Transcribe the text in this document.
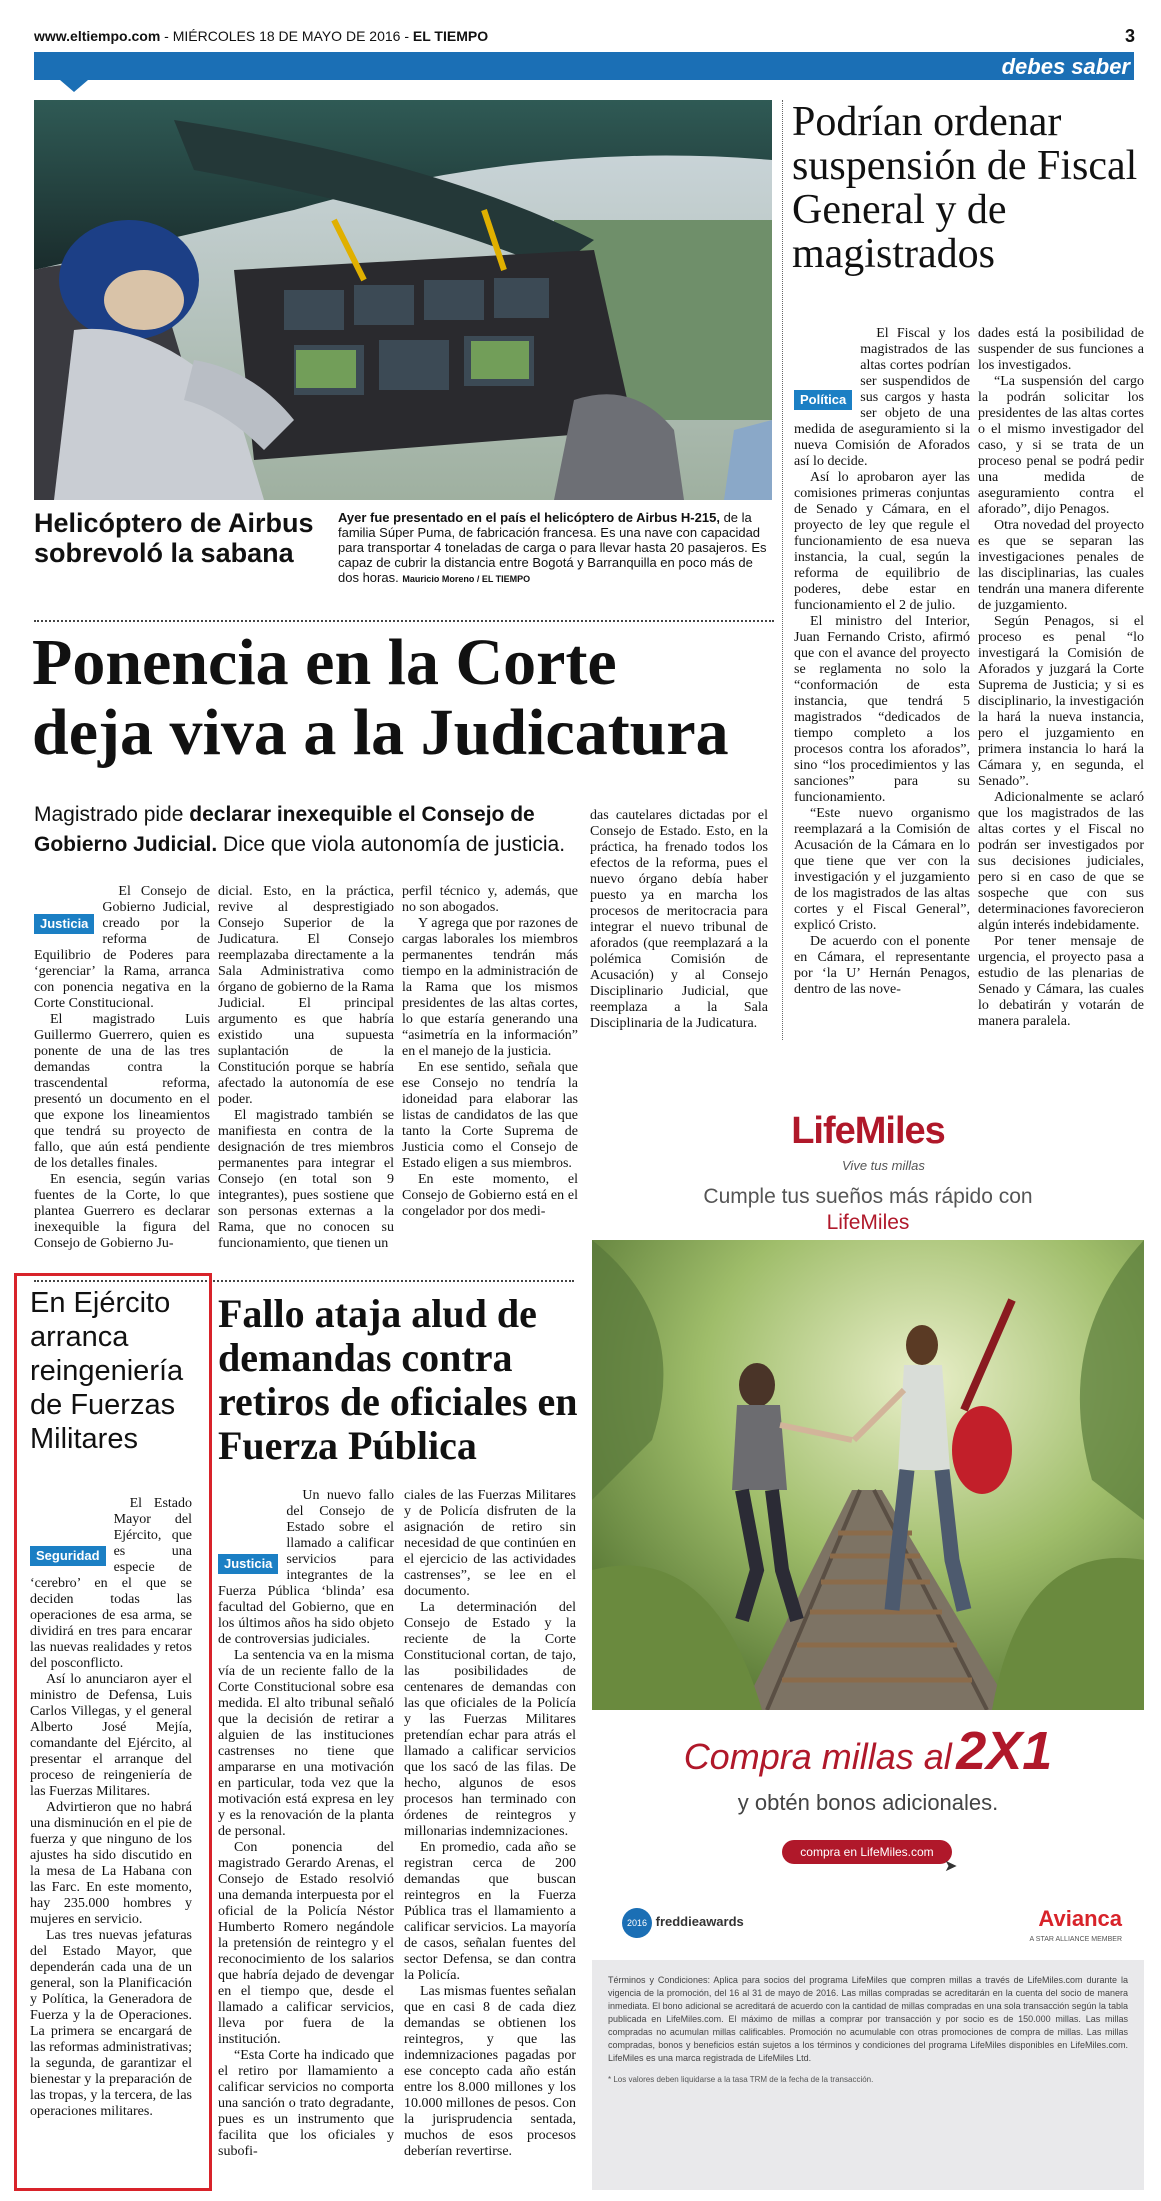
www.eltiempo.com - MIÉRCOLES 18 DE MAYO DE 2016 - EL TIEMPO	3
debes saber
Helicóptero de Airbus
sobrevoló la sabana
Ayer fue presentado en el país el helicóptero de Airbus H-215, de la familia Súper Puma, de fabricación francesa. Es una nave con capacidad para transportar 4 toneladas de carga o para llevar hasta 20 pasajeros. Es capaz de cubrir la distancia entre Bogotá y Barranquilla en poco más de dos horas. Mauricio Moreno / EL TIEMPO
Podrían ordenar suspensión de Fiscal General y de magistrados
Política

El Fiscal y los magistrados de las altas cortes podrían ser suspendidos de sus cargos y hasta ser objeto de una medida de aseguramiento si la nueva Comisión de Aforados así lo decide.

Así lo aprobaron ayer las comisiones primeras conjuntas de Senado y Cámara, en el proyecto de ley que regule el funcionamiento de esa nueva instancia, la cual, según la reforma de equilibrio de poderes, debe estar en funcionamiento el 2 de julio.

El ministro del Interior, Juan Fernando Cristo, afirmó que con el avance del proyecto se reglamenta no solo la “conformación de esta instancia, que tendrá 5 magistrados “dedicados de tiempo completo a los procesos contra los aforados”, sino “los procedimientos y las sanciones” para su funcionamiento.

“Este nuevo organismo reemplazará a la Comisión de Acusación de la Cámara en lo que tiene que ver con la investigación y el juzgamiento de los magistrados de las altas cortes y el Fiscal General”, explicó Cristo.

De acuerdo con el ponente en Cámara, el representante por ‘la U’ Hernán Penagos, dentro de las nove-

dades está la posibilidad de suspender de sus funciones a los investigados.

“La suspensión del cargo la podrán solicitar los presidentes de las altas cortes o el mismo investigador del caso, y si se trata de un proceso penal se podrá pedir una medida de aseguramiento contra el aforado”, dijo Penagos.

Otra novedad del proyecto es que se separan las investigaciones penales de las disciplinarias, las cuales tendrán una manera diferente de juzgamiento.

Según Penagos, si el proceso es penal “lo investigará la Comisión de Aforados y juzgará la Corte Suprema de Justicia; y si es disciplinario, la investigación la hará la nueva instancia, pero el juzgamiento en primera instancia lo hará la Cámara y, en segunda, el Senado”.

Adicionalmente se aclaró que los magistrados de las altas cortes y el Fiscal no podrán ser investigados por sus decisiones judiciales, pero si en caso de que se sospeche que con sus determinaciones favorecieron algún interés indebidamente.

Por tener mensaje de urgencia, el proyecto pasa a estudio de las plenarias de Senado y Cámara, las cuales lo debatirán y votarán de manera paralela.

Ponencia en la Corte
deja viva a la Judicatura
Magistrado pide declarar inexequible el Consejo de Gobierno Judicial. Dice que viola autonomía de justicia.
Justicia

El Consejo de Gobierno Judicial, creado por la reforma de Equilibrio de Poderes para ‘gerenciar’ la Rama, arranca con ponencia negativa en la Corte Constitucional.

El magistrado Luis Guillermo Guerrero, quien es ponente de una de las tres demandas contra la trascendental reforma, presentó un documento en el que expone los lineamientos que tendrá su proyecto de fallo, que aún está pendiente de los detalles finales.

En esencia, según varias fuentes de la Corte, lo que plantea Guerrero es declarar inexequible la figura del Consejo de Gobierno Ju-

dicial. Esto, en la práctica, revive al desprestigiado Consejo Superior de la Judicatura. El Consejo reemplazaba directamente a la Sala Administrativa como órgano de gobierno de la Rama Judicial. El principal argumento es que habría existido una supuesta suplantación de la Constitución porque se habría afectado la autonomía de ese poder.

El magistrado también se manifiesta en contra de la designación de tres miembros permanentes para integrar el Consejo (en total son 9 integrantes), pues sostiene que son personas externas a la Rama, que no conocen su funcionamiento, que tienen un

perfil técnico y, además, que no son abogados.

Y agrega que por razones de cargas laborales los miembros permanentes tendrán más tiempo en la administración de la Rama que los mismos presidentes de las altas cortes, lo que estaría generando una “asimetría en la información” en el manejo de la justicia.

En ese sentido, señala que ese Consejo no tendría la idoneidad para elaborar las listas de candidatos de las que tanto la Corte Suprema de Justicia como el Consejo de Estado eligen a sus miembros.

En este momento, el Consejo de Gobierno está en el congelador por dos medi-

das cautelares dictadas por el Consejo de Estado. Esto, en la práctica, ha frenado todos los efectos de la reforma, pues el nuevo órgano debía haber puesto ya en marcha los procesos de meritocracia para integrar el nuevo tribunal de aforados (que reemplazará a la polémica Comisión de Acusación) y al Consejo Disciplinario Judicial, que reemplaza a la Sala Disciplinaria de la Judicatura.

En Ejército arranca reingeniería de Fuerzas Militares
Seguridad

El Estado Mayor del Ejército, que es una especie de ‘cerebro’ en el que se deciden todas las operaciones de esa arma, se dividirá en tres para encarar las nuevas realidades y retos del posconflicto.

Así lo anunciaron ayer el ministro de Defensa, Luis Carlos Villegas, y el general Alberto José Mejía, comandante del Ejército, al presentar el arranque del proceso de reingeniería de las Fuerzas Militares.

Advirtieron que no habrá una disminución en el pie de fuerza y que ninguno de los ajustes ha sido discutido en la mesa de La Habana con las Farc. En este momento, hay 235.000 hombres y mujeres en servicio.

Las tres nuevas jefaturas del Estado Mayor, que dependerán cada una de un general, son la Planificación y Política, la Generadora de Fuerza y la de Operaciones. La primera se encargará de las reformas administrativas; la segunda, de garantizar el bienestar y la preparación de las tropas, y la tercera, de las operaciones militares.

Fallo ataja alud de demandas contra retiros de oficiales en Fuerza Pública
Justicia

Un nuevo fallo del Consejo de Estado sobre el llamado a calificar servicios para integrantes de la Fuerza Pública ‘blinda’ esa facultad del Gobierno, que en los últimos años ha sido objeto de controversias judiciales.

La sentencia va en la misma vía de un reciente fallo de la Corte Constitucional sobre esa medida. El alto tribunal señaló que la decisión de retirar a alguien de las instituciones castrenses no tiene que ampararse en una motivación en particular, toda vez que la motivación está expresa en ley y es la renovación de la planta de personal.

Con ponencia del magistrado Gerardo Arenas, el Consejo de Estado resolvió una demanda interpuesta por el oficial de la Policía Néstor Humberto Romero negándole la pretensión de reintegro y el reconocimiento de los salarios que habría dejado de devengar en el tiempo que, desde el llamado a calificar servicios, lleva por fuera de la institución.

“Esta Corte ha indicado que el retiro por llamamiento a calificar servicios no comporta una sanción o trato degradante, pues es un instrumento que facilita que los oficiales y subofi-

ciales de las Fuerzas Militares y de Policía disfruten de la asignación de retiro sin necesidad de que continúen en el ejercicio de las actividades castrenses”, se lee en el documento.

La determinación del Consejo de Estado y la reciente de la Corte Constitucional cortan, de tajo, las posibilidades de centenares de demandas con las que oficiales de la Policía y las Fuerzas Militares pretendían echar para atrás el llamado a calificar servicios que los sacó de las filas. De hecho, algunos de esos procesos han terminado con órdenes de reintegros y millonarias indemnizaciones.

En promedio, cada año se registran cerca de 200 demandas que buscan reintegros en la Fuerza Pública tras el llamamiento a calificar servicios. La mayoría de casos, señalan fuentes del sector Defensa, se dan contra la Policía.

Las mismas fuentes señalan que en casi 8 de cada diez demandas se obtienen los reintegros, y que las indemnizaciones pagadas por ese concepto cada año están entre los 8.000 millones y los 10.000 millones de pesos. Con la jurisprudencia sentada, muchos de esos procesos deberían revertirse.

LifeMiles
Vive tus millas
Cumple tus sueños más rápido con
LifeMiles
Compra millas al 2X1
y obtén bonos adicionales.
compra en LifeMiles.com
➤
2016 freddieawards	Avianca
A STAR ALLIANCE MEMBER
Términos y Condiciones: Aplica para socios del programa LifeMiles que compren millas a través de LifeMiles.com durante la vigencia de la promoción, del 16 al 31 de mayo de 2016. Las millas compradas se acreditarán en la cuenta del socio de manera inmediata. El bono adicional se acreditará de acuerdo con la cantidad de millas compradas en una sola transacción según la tabla publicada en LifeMiles.com. El máximo de millas a comprar por transacción y por socio es de 150.000 millas. Las millas compradas no acumulan millas calificables. Promoción no acumulable con otras promociones de compra de millas. Las millas compradas, bonos y beneficios están sujetos a los términos y condiciones del programa LifeMiles disponibles en LifeMiles.com. LifeMiles es una marca registrada de LifeMiles Ltd.
* Los valores deben liquidarse a la tasa TRM de la fecha de la transacción.
